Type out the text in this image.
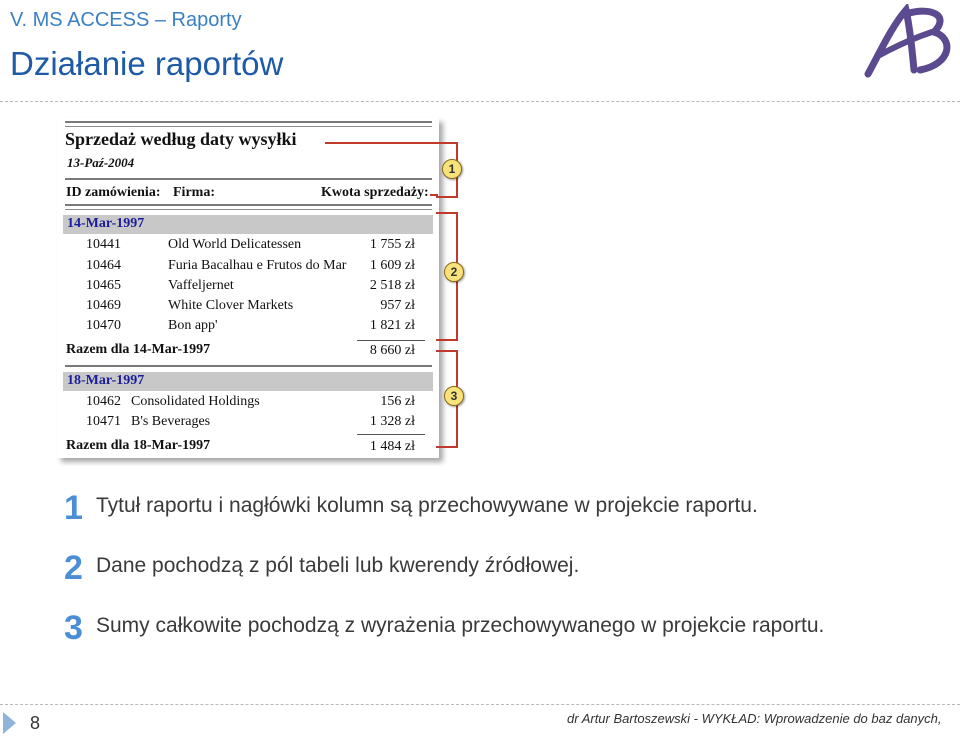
V. MS ACCESS – Raporty
Działanie raportów
Sprzedaż według daty wysyłki
13-Paź-2004
ID zamówienia: Firma:	Kwota sprzedaży:
14-Mar-1997
10441	Old World Delicatessen	1 755 zł
10464	Furia Bacalhau e Frutos do Mar	1 609 zł
10465	Vaffeljernet	2 518 zł
10469	White Clover Markets	957 zł
10470	Bon app'	1 821 zł
Razem dla 14-Mar-1997	8 660 zł
18-Mar-1997
10462 Consolidated Holdings	156 zł
10471 B's Beverages	1 328 zł
Razem dla 18-Mar-1997	1 484 zł
1
2
3
1 Tytuł raportu i nagłówki kolumn są przechowywane w projekcie raportu.
2 Dane pochodzą z pól tabeli lub kwerendy źródłowej.
3 Sumy całkowite pochodzą z wyrażenia przechowywanego w projekcie raportu.
8	dr Artur Bartoszewski - WYKŁAD: Wprowadzenie do baz danych,
